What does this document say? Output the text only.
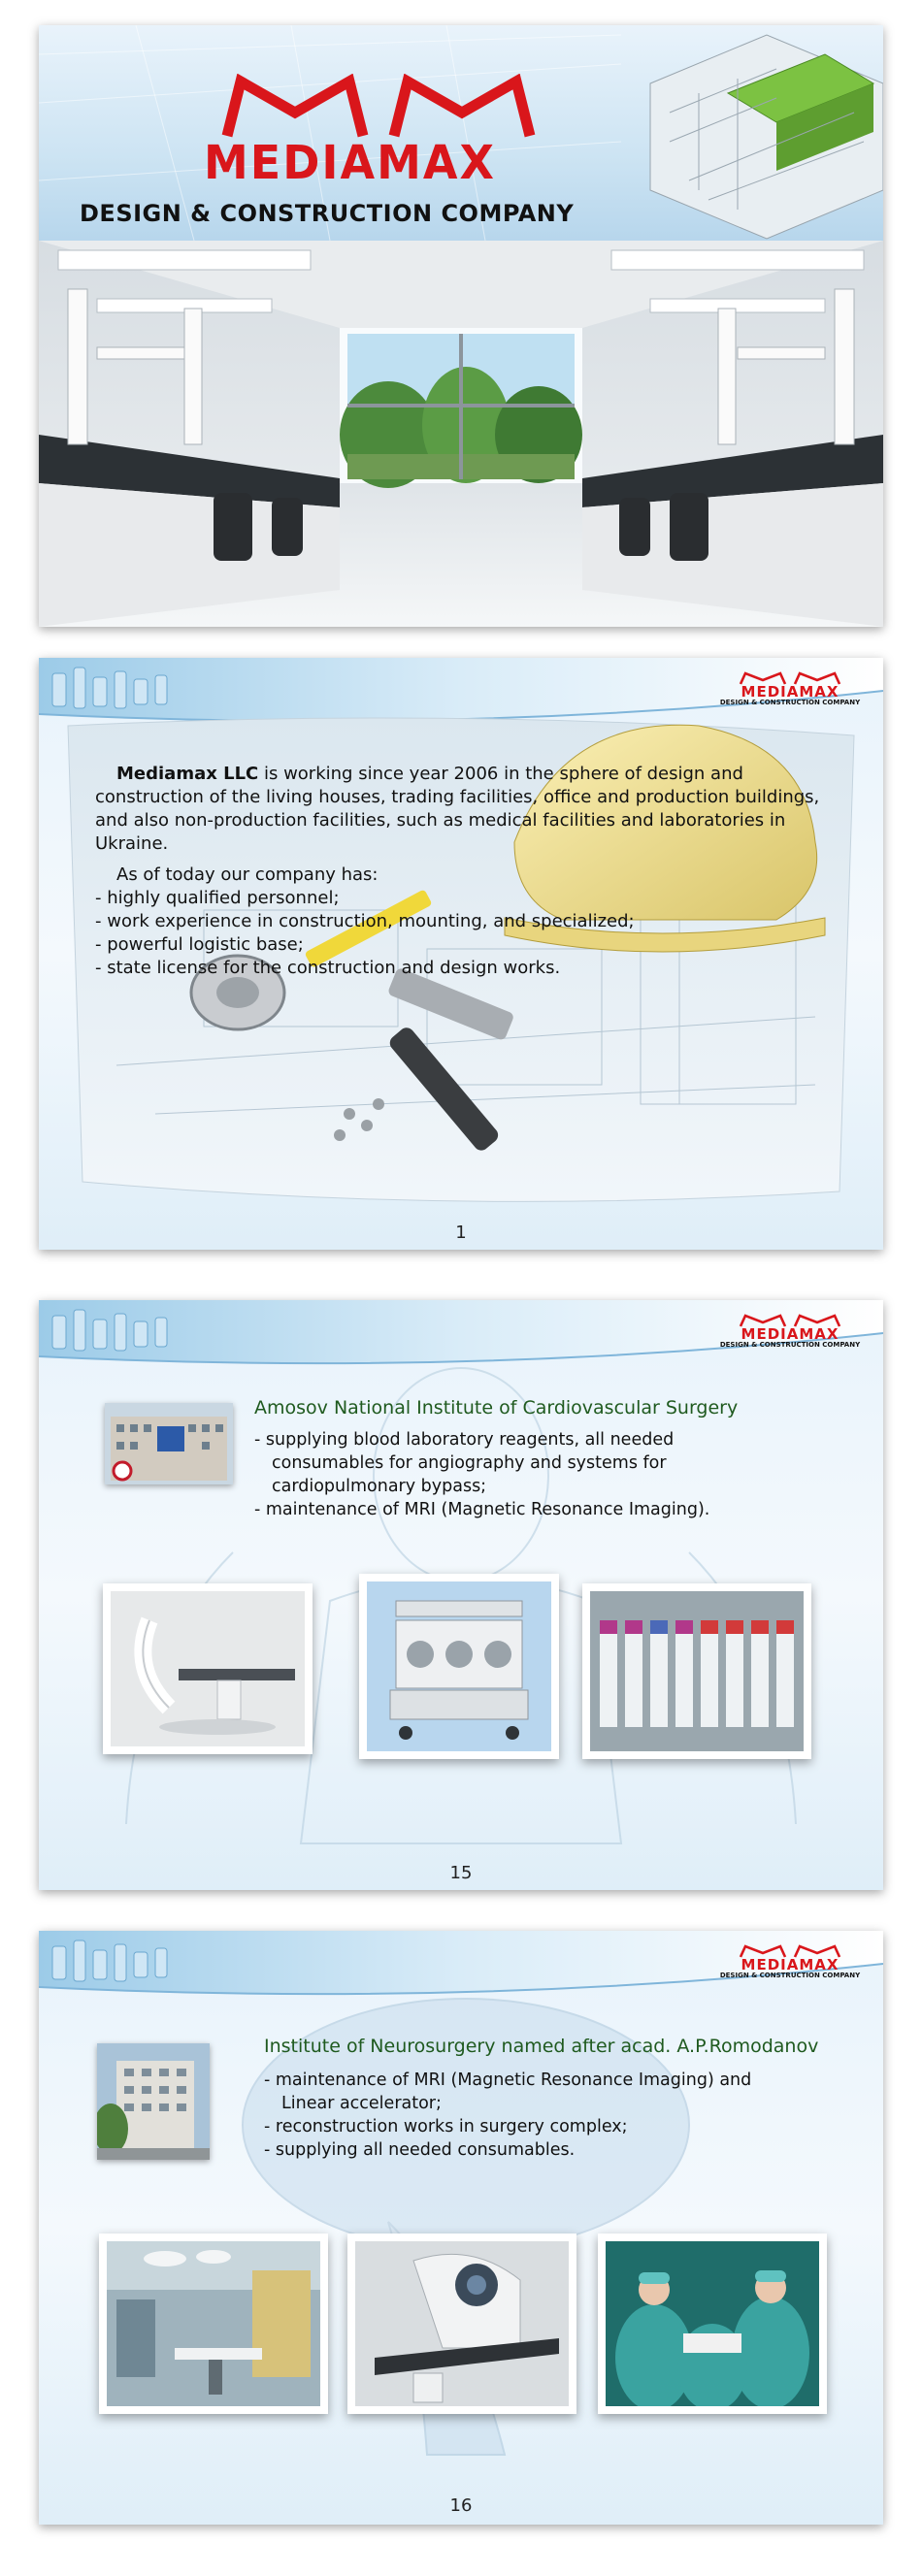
MEDIAMAX
DESIGN & CONSTRUCTION COMPANY
MEDIAMAX
DESIGN & CONSTRUCTION COMPANY

Mediamax LLC is working since year 2006 in the sphere of design and construction of the living houses, trading facilities, office and production buildings, and also non-production facilities, such as medical facilities and laboratories in Ukraine.

As of today our company has:

- highly qualified personnel;

- work experience in construction, mounting, and specialized;

- powerful logistic base;

- state license for the construction and design works.

1
MEDIAMAX
DESIGN & CONSTRUCTION COMPANY
Amosov National Institute of Cardiovascular Surgery

- supplying blood laboratory reagents, all needed

consumables for angiography and systems for

cardiopulmonary bypass;

- maintenance of MRI (Magnetic Resonance Imaging).

15
MEDIAMAX
DESIGN & CONSTRUCTION COMPANY
Institute of Neurosurgery named after acad. A.P.Romodanov

- maintenance of MRI (Magnetic Resonance Imaging) and

Linear accelerator;

- reconstruction works in surgery complex;

- supplying all needed consumables.

16
